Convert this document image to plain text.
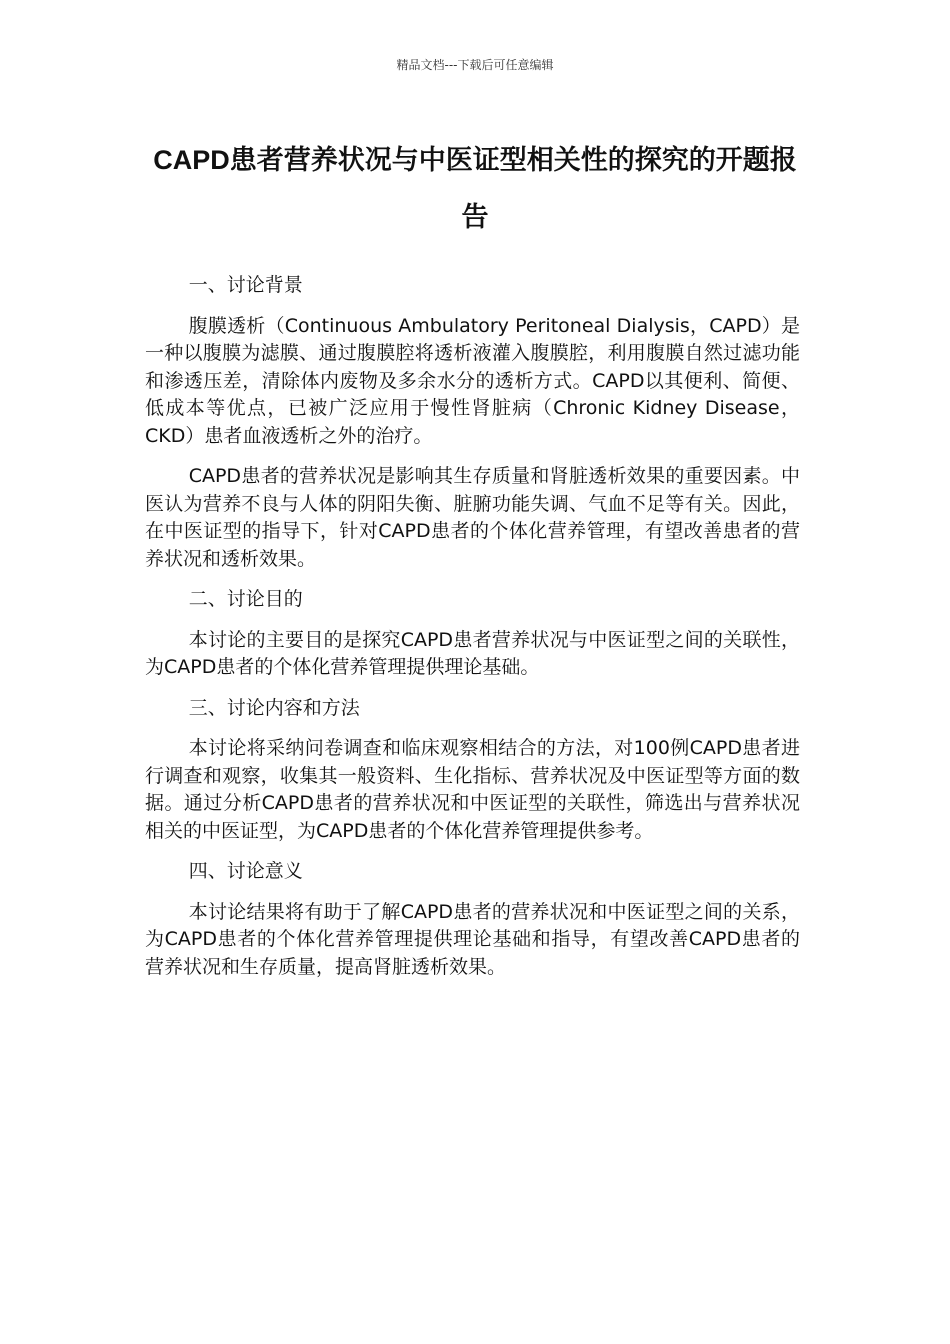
精品文档---下载后可任意编辑
CAPD患者营养状况与中医证型相关性的探究的开题报告

一、讨论背景

腹膜透析（Continuous Ambulatory Peritoneal Dialysis，CAPD）是一种以腹膜为滤膜、通过腹膜腔将透析液灌入腹膜腔，利用腹膜自然过滤功能和渗透压差，清除体内废物及多余水分的透析方式。CAPD以其便利、简便、低成本等优点，已被广泛应用于慢性肾脏病（Chronic Kidney Disease，CKD）患者血液透析之外的治疗。

CAPD患者的营养状况是影响其生存质量和肾脏透析效果的重要因素。中医认为营养不良与人体的阴阳失衡、脏腑功能失调、气血不足等有关。因此，在中医证型的指导下，针对CAPD患者的个体化营养管理，有望改善患者的营养状况和透析效果。

二、讨论目的

本讨论的主要目的是探究CAPD患者营养状况与中医证型之间的关联性，为CAPD患者的个体化营养管理提供理论基础。

三、讨论内容和方法

本讨论将采纳问卷调查和临床观察相结合的方法，对100例CAPD患者进行调查和观察，收集其一般资料、生化指标、营养状况及中医证型等方面的数据。通过分析CAPD患者的营养状况和中医证型的关联性，筛选出与营养状况相关的中医证型，为CAPD患者的个体化营养管理提供参考。

四、讨论意义

本讨论结果将有助于了解CAPD患者的营养状况和中医证型之间的关系，为CAPD患者的个体化营养管理提供理论基础和指导，有望改善CAPD患者的营养状况和生存质量，提高肾脏透析效果。
